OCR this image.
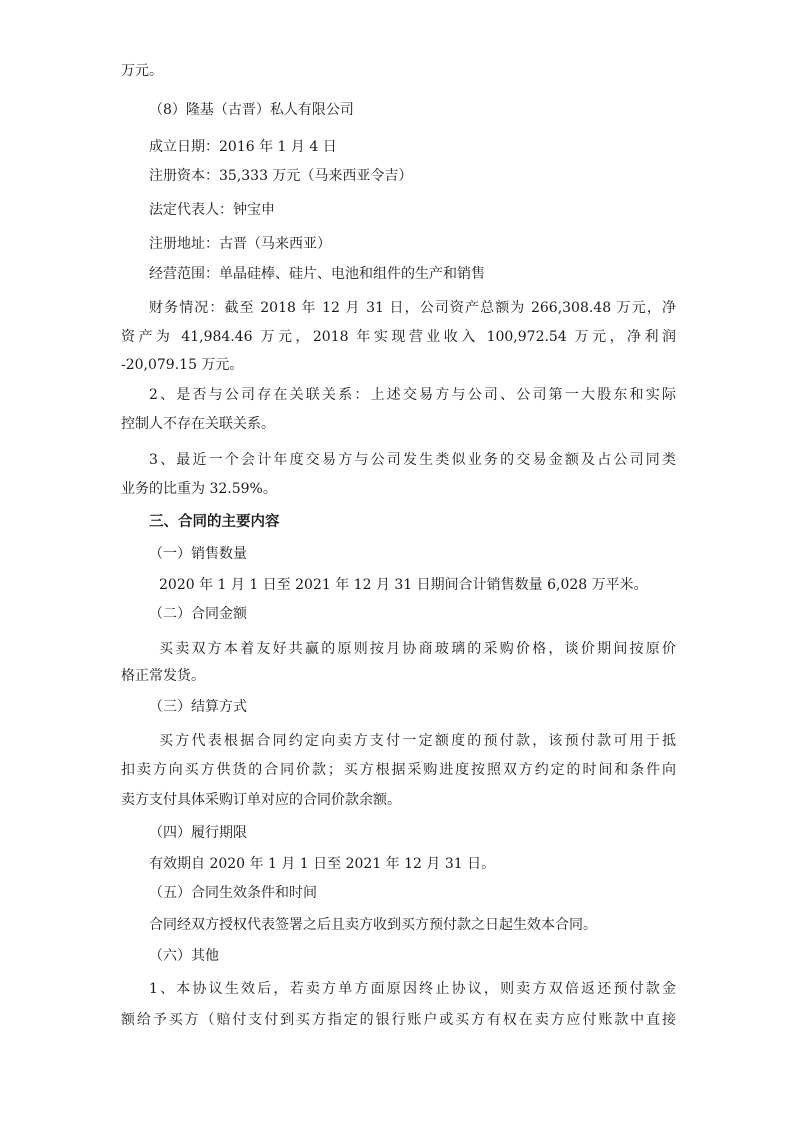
万元。
（8）隆基（古晋）私人有限公司
成立日期：2016 年 1 月 4 日
注册资本：35,333 万元（马来西亚令吉）
法定代表人：钟宝申
注册地址：古晋（马来西亚）
经营范围：单晶硅棒、硅片、电池和组件的生产和销售
财务情况：截至 2018 年 12 月 31 日，公司资产总额为 266,308.48 万元，净
资产为 41,984.46 万元，2018 年实现营业收入 100,972.54 万元，净利润
-20,079.15 万元。
2、是否与公司存在关联关系：上述交易方与公司、公司第一大股东和实际
控制人不存在关联关系。
3、最近一个会计年度交易方与公司发生类似业务的交易金额及占公司同类
业务的比重为 32.59%。
三、合同的主要内容
（一）销售数量
2020 年 1 月 1 日至 2021 年 12 月 31 日期间合计销售数量 6,028 万平米。
（二）合同金额
买卖双方本着友好共赢的原则按月协商玻璃的采购价格，谈价期间按原价
格正常发货。
（三）结算方式
买方代表根据合同约定向卖方支付一定额度的预付款，该预付款可用于抵
扣卖方向买方供货的合同价款；买方根据采购进度按照双方约定的时间和条件向
卖方支付具体采购订单对应的合同价款余额。
（四）履行期限
有效期自 2020 年 1 月 1 日至 2021 年 12 月 31 日。
（五）合同生效条件和时间
合同经双方授权代表签署之后且卖方收到买方预付款之日起生效本合同。
（六）其他
1、本协议生效后，若卖方单方面原因终止协议，则卖方双倍返还预付款金
额给予买方（赔付支付到买方指定的银行账户或买方有权在卖方应付账款中直接
